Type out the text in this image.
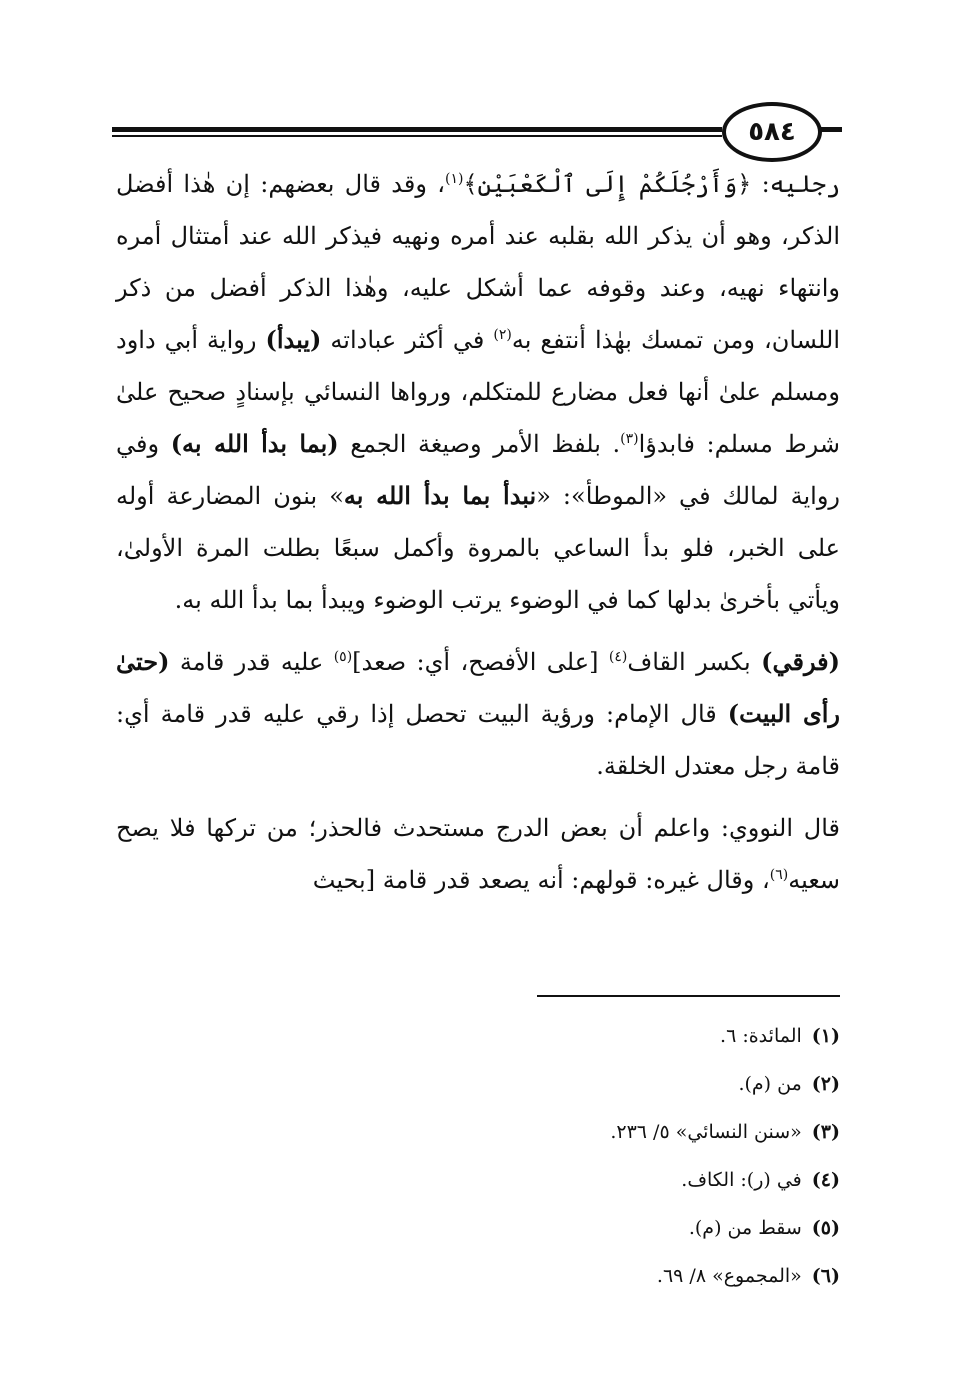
٥٨٤

رجليه: ﴿وَأَرْجُلَكُمْ إِلَى ٱلْكَعْبَيْنِ﴾$^{(١)}$، وقد قال بعضهم: إن هٰذا أفضل الذكر، وهو أن يذكر الله بقلبه عند أمره ونهيه فيذكر الله عند أمتثال أمره وانتهاء نهيه، وعند وقوفه عما أشكل عليه، وهٰذا الذكر أفضل من ذكر اللسان، ومن تمسك بهٰذا أنتفع به$^{(٢)}$ في أكثر عباداته (يبدأ) رواية أبي داود ومسلم علىٰ أنها فعل مضارع للمتكلم، ورواها النسائي بإسنادٍ صحيح علىٰ شرط مسلم: فابدؤا$^{(٣)}$. بلفظ الأمر وصيغة الجمع (بما بدأ الله به) وفي رواية لمالك في «الموطأ»: «نبدأ بما بدأ الله به» بنون المضارعة أوله على الخبر، فلو بدأ الساعي بالمروة وأكمل سبعًا بطلت المرة الأولىٰ، ويأتي بأخرىٰ بدلها كما في الوضوء يرتب الوضوء ويبدأ بما بدأ الله به.

(فرقي) بكسر القاف$^{(٤)}$ [على الأفصح، أي: صعد]$^{(٥)}$ عليه قدر قامة (حتىٰ رأى البيت) قال الإمام: ورؤية البيت تحصل إذا رقي عليه قدر قامة أي: قامة رجل معتدل الخلقة.

قال النووي: واعلم أن بعض الدرج مستحدث فالحذر؛ من تركها فلا يصح سعيه$^{(٦)}$، وقال غيره: قولهم: أنه يصعد قدر قامة [بحيث

(١)
المائدة: ٦.
(٢)
من (م).
(٣)
«سنن النسائي» ٥/ ٢٣٦.
(٤)
في (ر): الكاف.
(٥)
سقط من (م).
(٦)
«المجموع» ٨/ ٦٩.
